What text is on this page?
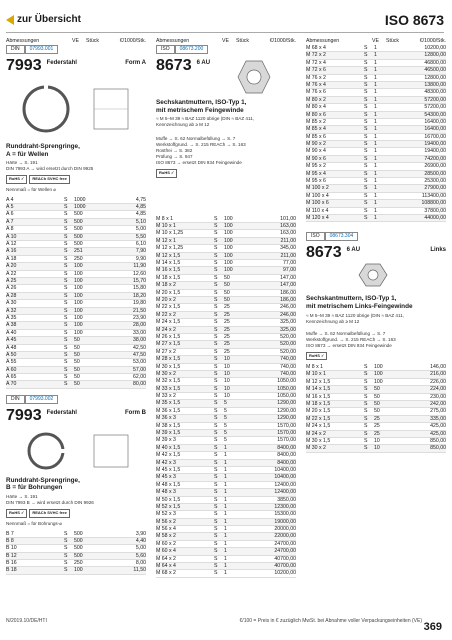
zur Übersicht	ISO 8673
Abmessungen	VE	Stück	€/1000/Stk.
DIN	07993.001
7993 Federstahl	Form A
Runddraht-Sprengringe,
A = für Wellen
Härte → S. 191
DIN 7993 A → wird ersetzt durch DIN 9925
RoHS ✓	REACh SVHC free
Nennmaß = für Wellen ⌀
A 4	S	1000	4,75
A 5	S	1000	4,85
A 6	S	500	4,85
A 7	S	500	5,10
A 8	S	500	5,00
A 10	S	500	5,50
A 12	S	500	6,10
A 16	S	251	7,90
A 18	S	250	9,90
A 20	S	100	11,90
A 22	S	100	12,60
A 25	S	100	15,70
A 26	S	100	15,80
A 28	S	100	18,20
A 30	S	100	19,80
A 32	S	100	21,50
A 35	S	100	23,90
A 38	S	100	28,00
A 40	S	100	33,00
A 45	S	50	38,00
A 48	S	50	42,50
A 50	S	50	47,50
A 55	S	50	53,00
A 60	S	50	57,00
A 65	S	50	62,00
A 70	S	50	80,00
DIN	07993.002
7993 Federstahl	Form B
Runddraht-Sprengringe,
B = für Bohrungen
Härte → S. 191
DIN 7993 B → wird ersetzt durch DIN 9926
RoHS ✓	REACh SVHC free
Nennmaß = für Bohrungs-⌀
B 7	S	500	3,90
B 8	S	500	4,40
B 10	S	500	5,00
B 12	S	500	5,60
B 16	S	250	8,00
B 18	S	100	11,50
Abmessungen	VE	Stück	€/1000/Stk.
ISO	08673.200
8673 6 AU
Sechskantmuttern, ISO-Typ 1,
mit metrischem Feingewinde
≈ M 5–M 39 ≈ BAZ 1120 übrige (DIN ≈ BAZ 411,
Kennzeichnung ab ≥ M 12
Muffe → S. 62 Normalbefüllung → S. 7
Werkstoffgrund. → S. 215 REACh → S. 163
Rostfrei → S. 382
Prüfung → S. 947
ISO 8673 → ersetzt DIN 934 Feingewinde
RoHS ✓
M 8 x 1	S	100	101,00
M 10 x 1	S	100	163,00
M 10 x 1,25	S	100	163,00
M 12 x 1	S	100	211,00
M 12 x 1,25	S	100	345,00
M 12 x 1,5	S	100	211,00
M 14 x 1,5	S	100	77,00
M 16 x 1,5	S	100	97,00
M 18 x 1,5	S	50	147,00
M 18 x 2	S	50	147,00
M 20 x 1,5	S	50	186,00
M 20 x 2	S	50	186,00
M 22 x 1,5	S	25	246,00
M 22 x 2	S	25	246,00
M 24 x 1,5	S	25	325,00
M 24 x 2	S	25	325,00
M 26 x 1,5	S	25	520,00
M 27 x 1,5	S	25	520,00
M 27 x 2	S	25	520,00
M 28 x 1,5	S	10	740,00
M 30 x 1,5	S	10	740,00
M 30 x 2	S	10	740,00
M 32 x 1,5	S	10	1050,00
M 33 x 1,5	S	10	1050,00
M 33 x 2	S	10	1050,00
M 35 x 1,5	S	5	1290,00
M 36 x 1,5	S	5	1290,00
M 36 x 3	S	5	1290,00
M 38 x 1,5	S	5	1570,00
M 39 x 1,5	S	5	1570,00
M 39 x 3	S	5	1570,00
M 40 x 1,5	S	1	8400,00
M 42 x 1,5	S	1	8400,00
M 42 x 3	S	1	8400,00
M 45 x 1,5	S	1	10400,00
M 45 x 3	S	1	10400,00
M 48 x 1,5	S	1	12400,00
M 48 x 3	S	1	12400,00
M 50 x 1,5	S	1	3850,00
M 52 x 1,5	S	1	12300,00
M 52 x 3	S	1	15300,00
M 56 x 2	S	1	19000,00
M 56 x 4	S	1	20000,00
M 58 x 2	S	1	22000,00
M 60 x 2	S	1	24700,00
M 60 x 4	S	1	24700,00
M 64 x 2	S	1	40700,00
M 64 x 4	S	1	40700,00
M 68 x 2	S	1	10200,00
Abmessungen	VE	Stück	€/1000/Stk.
M 68 x 4	S	1	10200,00
M 72 x 2	S	1	12800,00
M 72 x 4	S	1	46800,00
M 72 x 6	S	1	46500,00
M 76 x 2	S	1	12800,00
M 76 x 4	S	1	13800,00
M 76 x 6	S	1	48300,00
M 80 x 2	S	1	57200,00
M 80 x 4	S	1	57200,00
M 80 x 6	S	1	54300,00
M 85 x 2	S	1	16400,00
M 85 x 4	S	1	16400,00
M 85 x 6	S	1	16700,00
M 90 x 2	S	1	19400,00
M 90 x 4	S	1	19400,00
M 90 x 6	S	1	74200,00
M 95 x 2	S	1	26900,00
M 95 x 4	S	1	28500,00
M 95 x 6	S	1	25300,00
M 100 x 2	S	1	27900,00
M 100 x 4	S	1	113400,00
M 100 x 6	S	1	108800,00
M 110 x 4	S	1	37800,00
M 120 x 4	S	1	44000,00
ISO	08673.304
8673 6 AU	Links
Sechskantmuttern, ISO-Typ 1,
mit metrischem Links-Feingewinde
≈ M 5–M 39 ≈ BAZ 1120 übrige (DIN ≈ BAZ 411,
Kennzeichnung ab ≥ M 12
Muffe → S. 62 Normalbefüllung → S. 7
Werkstoffgrund. → S. 215 REACh → S. 163
ISO 8673 → ersetzt DIN 934 Feingewinde
RoHS ✓
M 8 x 1	S	100	146,00
M 10 x 1	S	100	216,00
M 12 x 1,5	S	100	226,00
M 14 x 1,5	S	50	224,00
M 16 x 1,5	S	50	230,00
M 18 x 1,5	S	50	242,00
M 20 x 1,5	S	50	275,00
M 22 x 1,5	S	25	335,00
M 24 x 1,5	S	25	425,00
M 24 x 2	S	25	425,00
M 30 x 1,5	S	10	850,00
M 30 x 2	S	10	850,00
N/2019.10/DE/HTI	€/100 = Preis in € zuzüglich MwSt. bei Abnahme voller Verpackungseinheiten (VE) 369
